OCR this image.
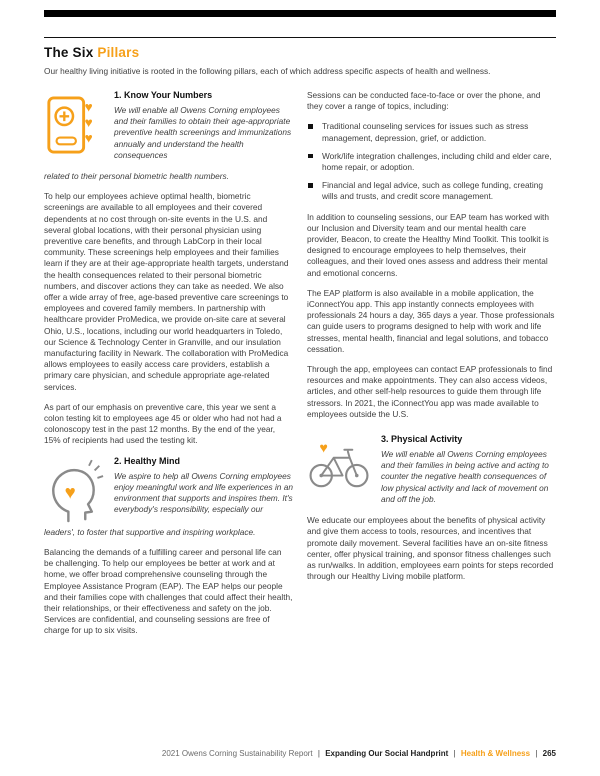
The Six Pillars

Our healthy living initiative is rooted in the following pillars, each of which address specific aspects of health and wellness.

♥
♥
♥
1. Know Your Numbers

We will enable all Owens Corning employees and their families to obtain their age-appropriate preventive health screenings and immunizations annually and understand the health consequences

related to their personal biometric health numbers.

To help our employees achieve optimal health, biometric screenings are available to all employees and their covered dependents at no cost through on-site events in the U.S. and several global locations, with their personal physician using preventive care benefits, and through LabCorp in their local community. These screenings help employees and their families learn if they are at their age-appropriate health targets, understand the health consequences related to their personal biometric numbers, and discover actions they can take as needed. We also offer a wide array of free, age-based preventive care screenings to employees and covered family members. In partnership with healthcare provider ProMedica, we provide on-site care at several Ohio, U.S., locations, including our world headquarters in Toledo, our Science & Technology Center in Granville, and our insulation manufacturing facility in Newark. The collaboration with ProMedica allows employees to easily access care providers, establish a primary care physician, and schedule appropriate age-related services.

As part of our emphasis on preventive care, this year we sent a colon testing kit to employees age 45 or older who had not had a colonoscopy test in the past 12 months. By the end of the year, 15% of recipients had used the testing kit.

♥
2. Healthy Mind

We aspire to help all Owens Corning employees enjoy meaningful work and life experiences in an environment that supports and inspires them. It's everybody's responsibility, especially our

leaders', to foster that supportive and inspiring workplace.

Balancing the demands of a fulfilling career and personal life can be challenging. To help our employees be better at work and at home, we offer broad comprehensive counseling through the Employee Assistance Program (EAP). The EAP helps our people and their families cope with challenges that could affect their health, their relationships, or their effectiveness and safety on the job. Services are confidential, and counseling sessions are free of charge for up to six visits.

Sessions can be conducted face-to-face or over the phone, and they cover a range of topics, including:

Traditional counseling services for issues such as stress management, depression, grief, or addiction.
Work/life integration challenges, including child and elder care, home repair, or adoption.
Financial and legal advice, such as college funding, creating wills and trusts, and credit score management.

In addition to counseling sessions, our EAP team has worked with our Inclusion and Diversity team and our mental health care provider, Beacon, to create the Healthy Mind Toolkit. This toolkit is designed to encourage employees to help themselves, their colleagues, and their loved ones assess and address their mental and emotional concerns.

The EAP platform is also available in a mobile application, the iConnectYou app. This app instantly connects employees with professionals 24 hours a day, 365 days a year. Those professionals can guide users to programs designed to help with work and life stresses, mental health, financial and legal solutions, and tobacco cessation.

Through the app, employees can contact EAP professionals to find resources and make appointments. They can also access videos, articles, and other self-help resources to guide them through life stressors. In 2021, the iConnectYou app was made available to employees outside the U.S.

♥
3. Physical Activity

We will enable all Owens Corning employees and their families in being active and acting to counter the negative health consequences of low physical activity and lack of movement on and off the job.

We educate our employees about the benefits of physical activity and give them access to tools, resources, and incentives that promote daily movement. Several facilities have an on-site fitness center, offer physical training, and sponsor fitness challenges such as run/walks. In addition, employees earn points for steps recorded through our Healthy Living mobile platform.

2021 Owens Corning Sustainability Report | Expanding Our Social Handprint | Health & Wellness | 265
